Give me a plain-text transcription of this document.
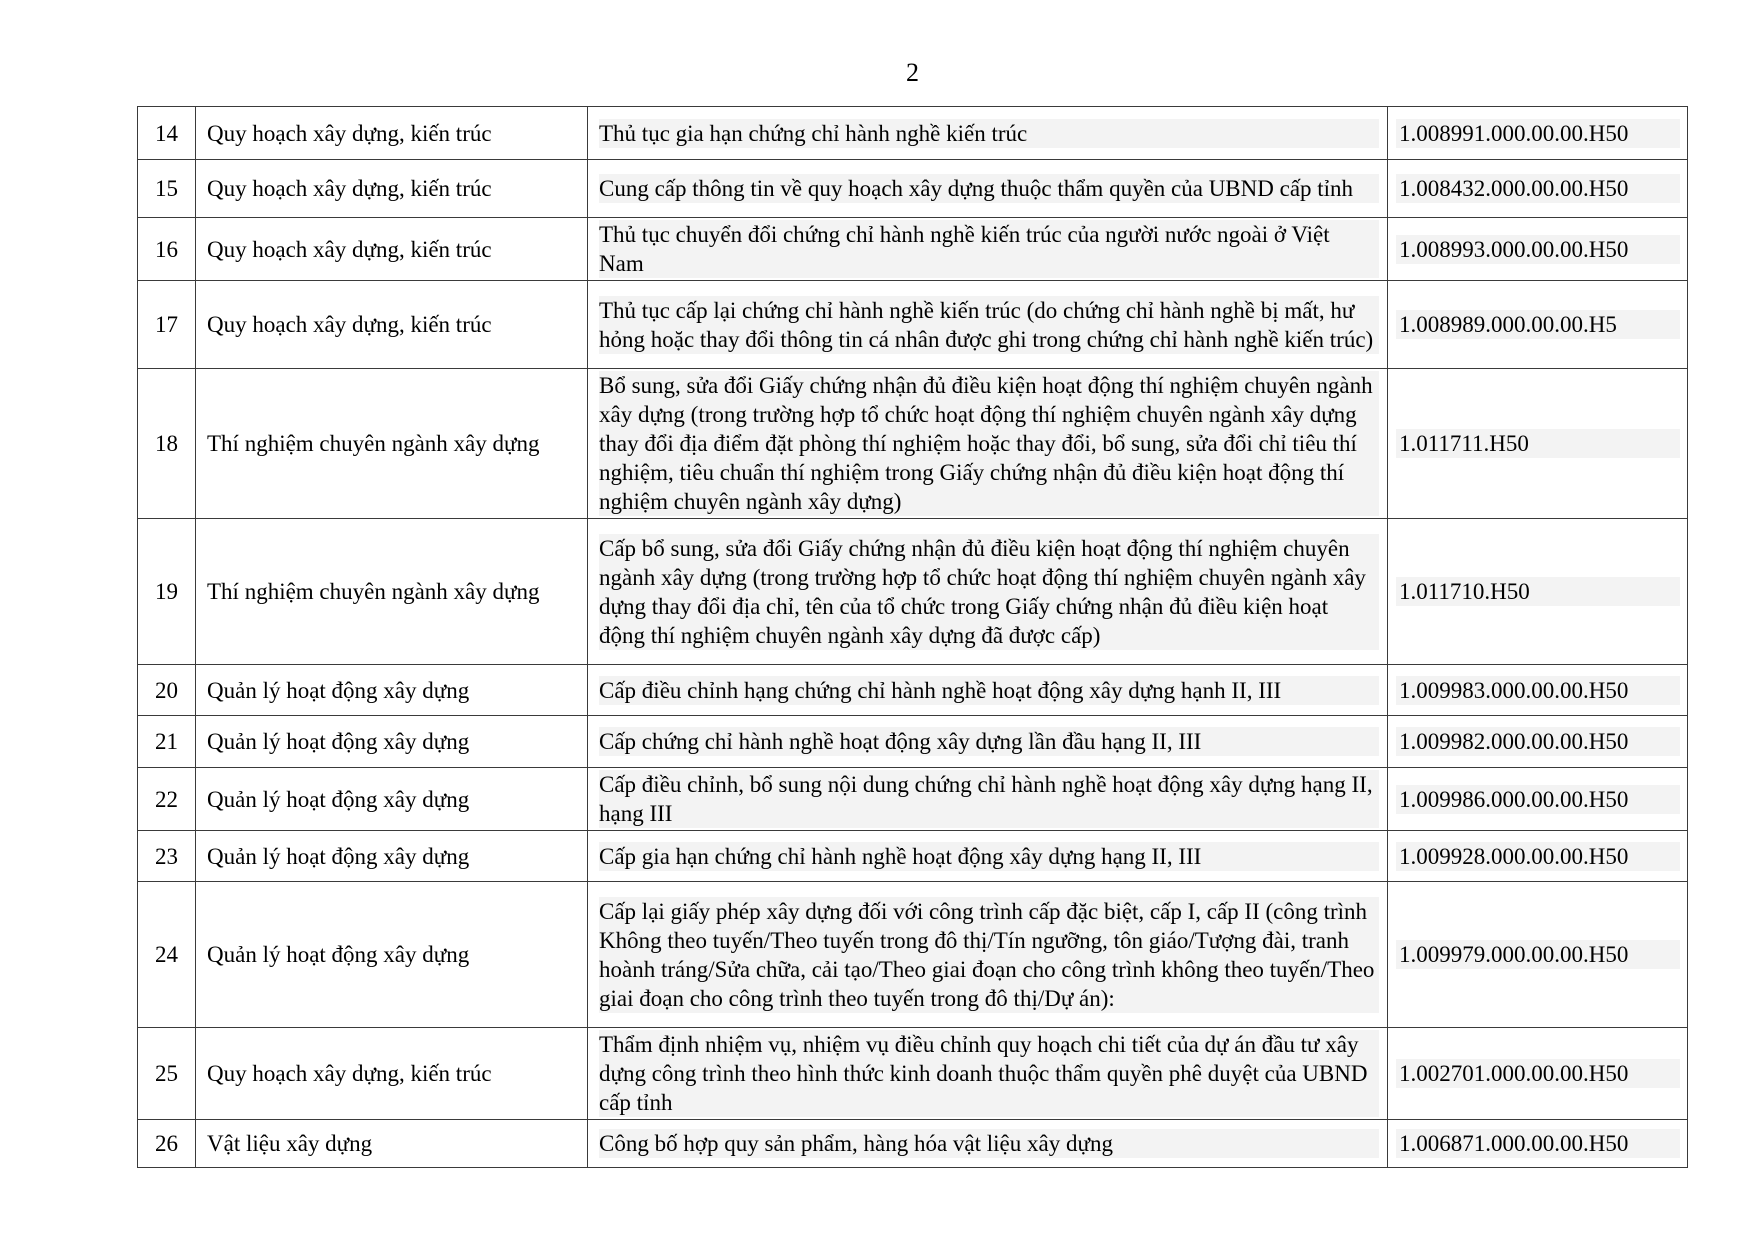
2
14	Quy hoạch xây dựng, kiến trúc	Thủ tục gia hạn chứng chỉ hành nghề kiến trúc	1.008991.000.00.00.H50

15	Quy hoạch xây dựng, kiến trúc	Cung cấp thông tin về quy hoạch xây dựng thuộc thẩm quyền của UBND cấp tỉnh	1.008432.000.00.00.H50

16	Quy hoạch xây dựng, kiến trúc	Thủ tục chuyển đổi chứng chỉ hành nghề kiến trúc của người nước ngoài ở Việt Nam	1.008993.000.00.00.H50

17	Quy hoạch xây dựng, kiến trúc	Thủ tục cấp lại chứng chỉ hành nghề kiến trúc (do chứng chỉ hành nghề bị mất, hư hỏng hoặc thay đổi thông tin cá nhân được ghi trong chứng chỉ hành nghề kiến trúc)	1.008989.000.00.00.H5

18	Thí nghiệm chuyên ngành xây dựng	Bổ sung, sửa đổi Giấy chứng nhận đủ điều kiện hoạt động thí nghiệm chuyên ngành xây dựng (trong trường hợp tổ chức hoạt động thí nghiệm chuyên ngành xây dựng thay đổi địa điểm đặt phòng thí nghiệm hoặc thay đổi, bổ sung, sửa đổi chỉ tiêu thí nghiệm, tiêu chuẩn thí nghiệm trong Giấy chứng nhận đủ điều kiện hoạt động thí nghiệm chuyên ngành xây dựng)	1.011711.H50

19	Thí nghiệm chuyên ngành xây dựng	Cấp bổ sung, sửa đổi Giấy chứng nhận đủ điều kiện hoạt động thí nghiệm chuyên ngành xây dựng (trong trường hợp tổ chức hoạt động thí nghiệm chuyên ngành xây dựng thay đổi địa chỉ, tên của tổ chức trong Giấy chứng nhận đủ điều kiện hoạt động thí nghiệm chuyên ngành xây dựng đã được cấp)	1.011710.H50

20	Quản lý hoạt động xây dựng	Cấp điều chỉnh hạng chứng chỉ hành nghề hoạt động xây dựng hạnh II, III	1.009983.000.00.00.H50

21	Quản lý hoạt động xây dựng	Cấp chứng chỉ hành nghề hoạt động xây dựng lần đầu hạng II, III	1.009982.000.00.00.H50

22	Quản lý hoạt động xây dựng	Cấp điều chỉnh, bổ sung nội dung chứng chỉ hành nghề hoạt động xây dựng hạng II, hạng III	1.009986.000.00.00.H50

23	Quản lý hoạt động xây dựng	Cấp gia hạn chứng chỉ hành nghề hoạt động xây dựng hạng II, III	1.009928.000.00.00.H50

24	Quản lý hoạt động xây dựng	Cấp lại giấy phép xây dựng đối với công trình cấp đặc biệt, cấp I, cấp II (công trình Không theo tuyến/Theo tuyến trong đô thị/Tín ngưỡng, tôn giáo/Tượng đài, tranh hoành tráng/Sửa chữa, cải tạo/Theo giai đoạn cho công trình không theo tuyến/Theo giai đoạn cho công trình theo tuyến trong đô thị/Dự án):	1.009979.000.00.00.H50

25	Quy hoạch xây dựng, kiến trúc	Thẩm định nhiệm vụ, nhiệm vụ điều chỉnh quy hoạch chi tiết của dự án đầu tư xây dựng công trình theo hình thức kinh doanh thuộc thẩm quyền phê duyệt của UBND cấp tỉnh	1.002701.000.00.00.H50

26	Vật liệu xây dựng	Công bố hợp quy sản phẩm, hàng hóa vật liệu xây dựng	1.006871.000.00.00.H50
